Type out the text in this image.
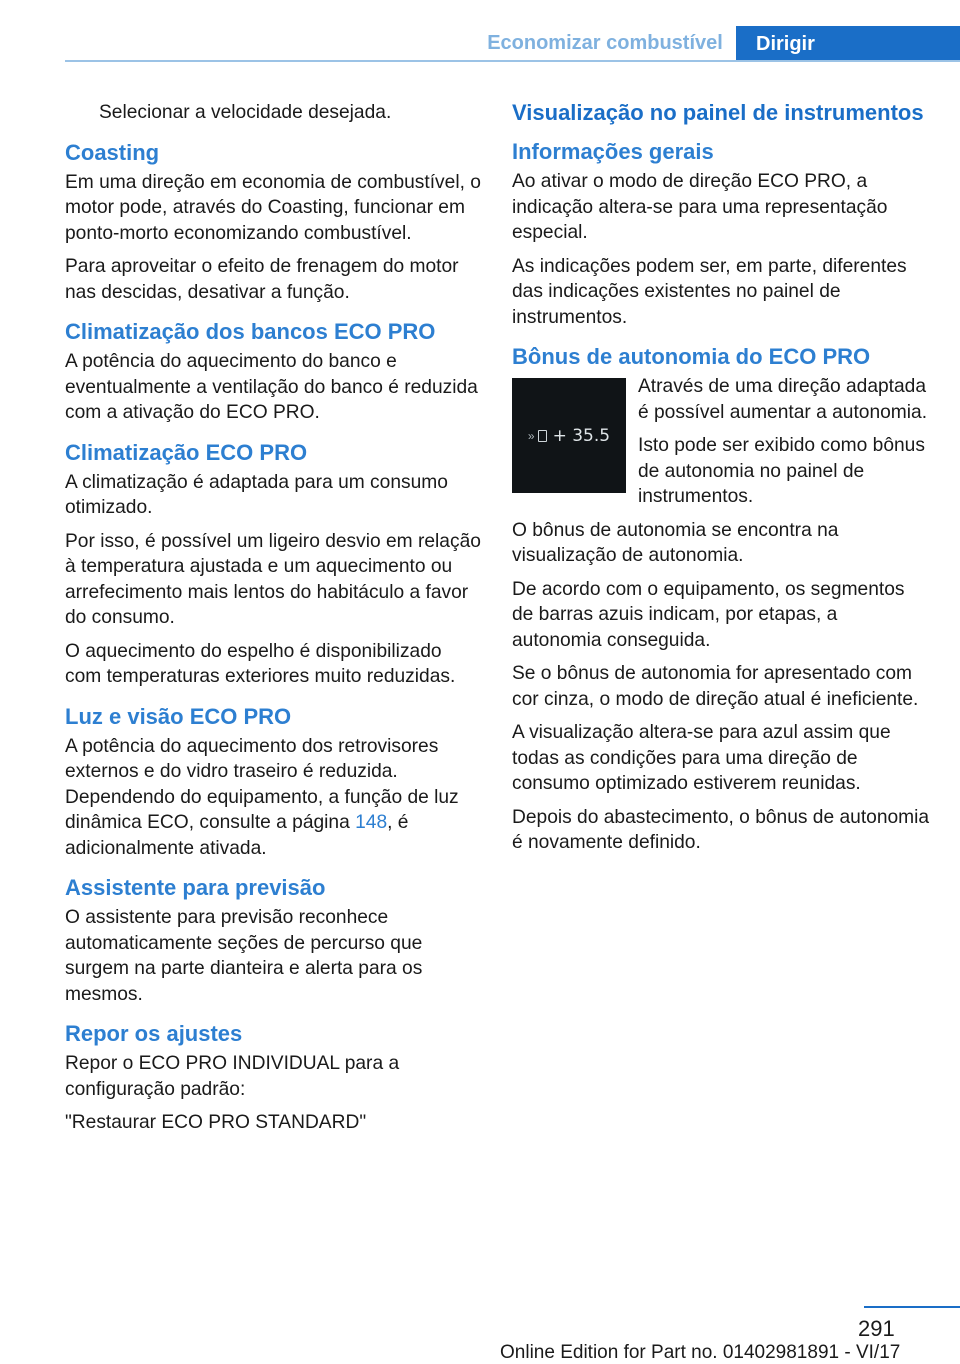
Economizar combustível	Dirigir

Selecionar a velocidade desejada.

Coasting

Em uma direção em economia de combustível, o motor pode, através do Coasting, funcionar em ponto-morto economizando combustível.

Para aproveitar o efeito de frenagem do motor nas descidas, desativar a função.

Climatização dos bancos ECO PRO

A potência do aquecimento do banco e eventualmente a ventilação do banco é reduzida com a ativação do ECO PRO.

Climatização ECO PRO

A climatização é adaptada para um consumo otimizado.

Por isso, é possível um ligeiro desvio em relação à temperatura ajustada e um aquecimento ou arrefecimento mais lentos do habitáculo a favor do consumo.

O aquecimento do espelho é disponibilizado com temperaturas exteriores muito reduzidas.

Luz e visão ECO PRO

A potência do aquecimento dos retrovisores externos e do vidro traseiro é reduzida. Dependendo do equipamento, a função de luz dinâmica ECO, consulte a página 148, é adicionalmente ativada.

Assistente para previsão

O assistente para previsão reconhece automaticamente seções de percurso que surgem na parte dianteira e alerta para os mesmos.

Repor os ajustes

Repor o ECO PRO INDIVIDUAL para a configuração padrão:

"Restaurar ECO PRO STANDARD"

Visualização no painel de instrumentos
Informações gerais

Ao ativar o modo de direção ECO PRO, a indicação altera-se para uma representação especial.

As indicações podem ser, em parte, diferentes das indicações existentes no painel de instrumentos.

Bônus de autonomia do ECO PRO
» + 35.5

Através de uma direção adaptada é possível aumentar a autonomia.

Isto pode ser exibido como bônus de autonomia no painel de instrumentos.

O bônus de autonomia se encontra na visualização de autonomia.

De acordo com o equipamento, os segmentos de barras azuis indicam, por etapas, a autonomia conseguida.

Se o bônus de autonomia for apresentado com cor cinza, o modo de direção atual é ineficiente.

A visualização altera-se para azul assim que todas as condições para uma direção de consumo optimizado estiverem reunidas.

Depois do abastecimento, o bônus de autonomia é novamente definido.

291
Online Edition for Part no. 01402981891 - VI/17
